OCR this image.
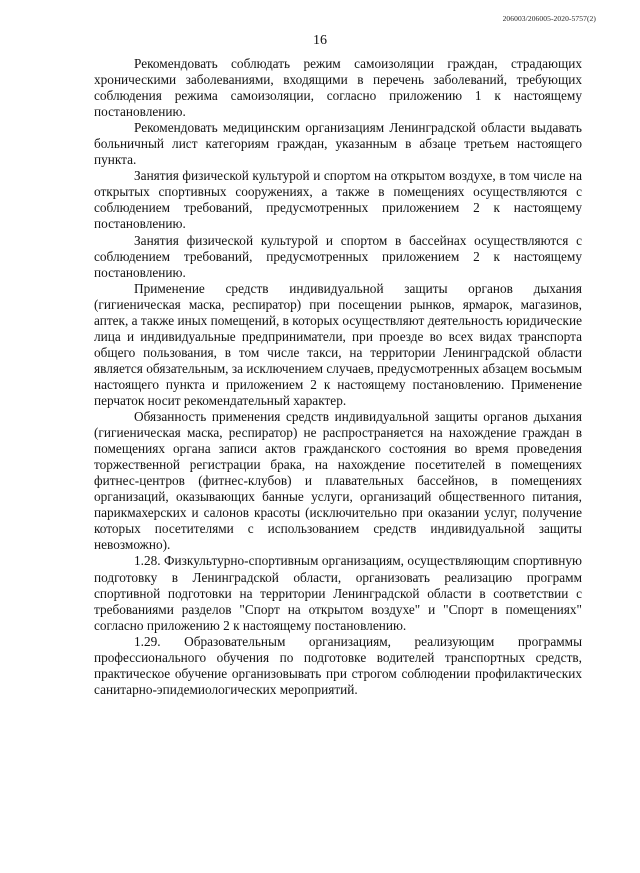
206003/206005-2020-5757(2)
16

Рекомендовать соблюдать режим самоизоляции граждан, страдающих хроническими заболеваниями, входящими в перечень заболеваний, требующих соблюдения режима самоизоляции, согласно приложению 1 к настоящему постановлению.

Рекомендовать медицинским организациям Ленинградской области выдавать больничный лист категориям граждан, указанным в абзаце третьем настоящего пункта.

Занятия физической культурой и спортом на открытом воздухе, в том числе на открытых спортивных сооружениях, а также в помещениях осуществляются с соблюдением требований, предусмотренных приложением 2 к настоящему постановлению.

Занятия физической культурой и спортом в бассейнах осуществляются с соблюдением требований, предусмотренных приложением 2 к настоящему постановлению.

Применение средств индивидуальной защиты органов дыхания (гигиеническая маска, респиратор) при посещении рынков, ярмарок, магазинов, аптек, а также иных помещений, в которых осуществляют деятельность юридические лица и индивидуальные предприниматели, при проезде во всех видах транспорта общего пользования, в том числе такси, на территории Ленинградской области является обязательным, за исключением случаев, предусмотренных абзацем восьмым настоящего пункта и приложением 2 к настоящему постановлению. Применение перчаток носит рекомендательный характер.

Обязанность применения средств индивидуальной защиты органов дыхания (гигиеническая маска, респиратор) не распространяется на нахождение граждан в помещениях органа записи актов гражданского состояния во время проведения торжественной регистрации брака, на нахождение посетителей в помещениях фитнес-центров (фитнес-клубов) и плавательных бассейнов, в помещениях организаций, оказывающих банные услуги, организаций общественного питания, парикмахерских и салонов красоты (исключительно при оказании услуг, получение которых посетителями с использованием средств индивидуальной защиты невозможно).

1.28. Физкультурно-спортивным организациям, осуществляющим спортивную подготовку в Ленинградской области, организовать реализацию программ спортивной подготовки на территории Ленинградской области в соответствии с требованиями разделов "Спорт на открытом воздухе" и "Спорт в помещениях" согласно приложению 2 к настоящему постановлению.

1.29. Образовательным организациям, реализующим программы профессионального обучения по подготовке водителей транспортных средств, практическое обучение организовывать при строгом соблюдении профилактических санитарно-эпидемиологических мероприятий.
